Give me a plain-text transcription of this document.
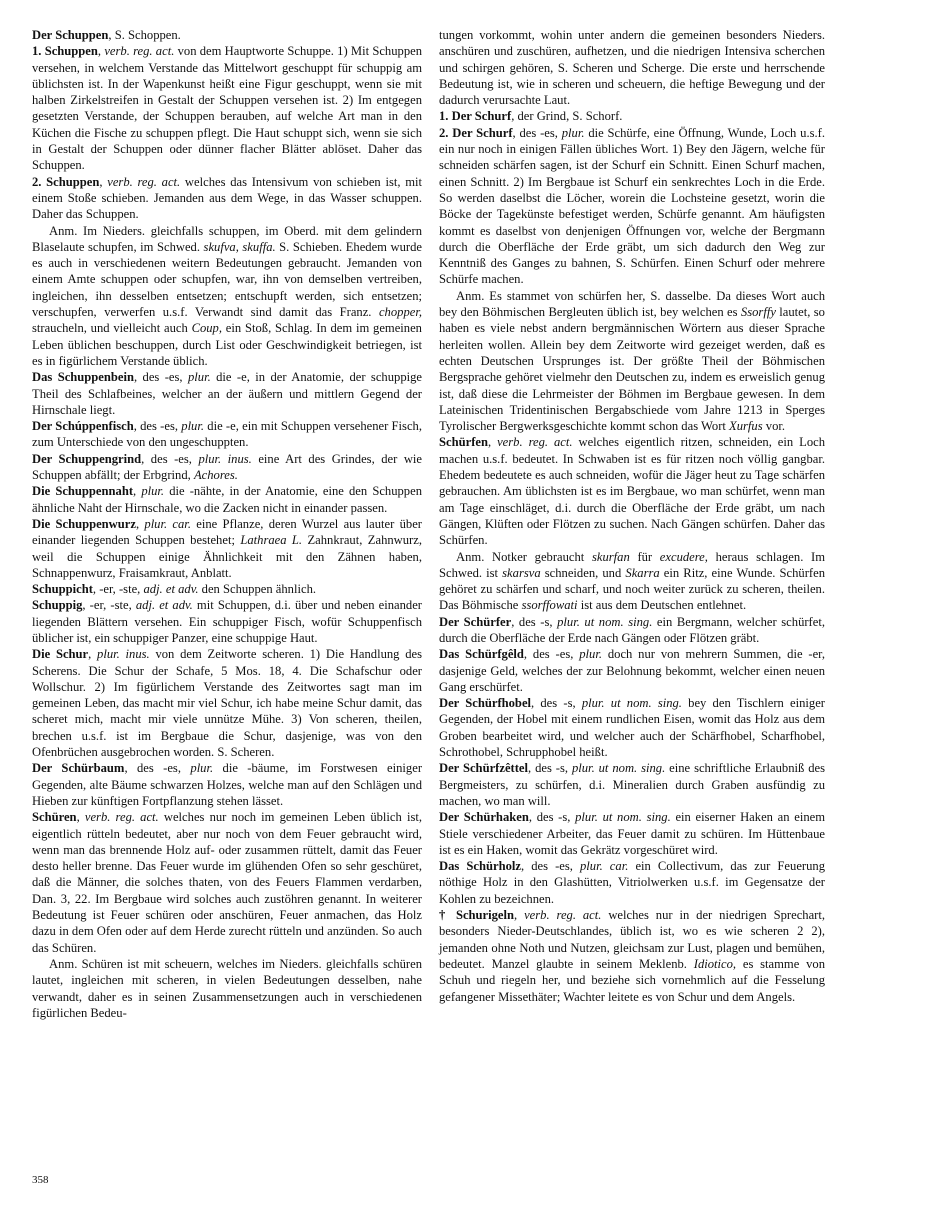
Der Schuppen, S. Schoppen.

1. Schuppen, verb. reg. act. von dem Hauptworte Schuppe. 1) Mit Schuppen versehen, in welchem Verstande das Mittelwort geschuppt für schuppig am üblichsten ist. In der Wapenkunst heißt eine Figur geschuppt, wenn sie mit halben Zirkelstreifen in Gestalt der Schuppen versehen ist. 2) Im entgegen gesetzten Verstande, der Schuppen berauben, auf welche Art man in den Küchen die Fische zu schuppen pflegt. Die Haut schuppt sich, wenn sie sich in Gestalt der Schuppen oder dünner flacher Blätter ablöset. Daher das Schuppen.

2. Schuppen, verb. reg. act. welches das Intensivum von schieben ist, mit einem Stoße schieben. Jemanden aus dem Wege, in das Wasser schuppen. Daher das Schuppen.

Anm. Im Nieders. gleichfalls schuppen, im Oberd. mit dem gelindern Blaselaute schupfen, im Schwed. skufva, skuffa. S. Schieben. Ehedem wurde es auch in verschiedenen weitern Bedeutungen gebraucht. Jemanden von einem Amte schuppen oder schupfen, war, ihn von demselben vertreiben, ingleichen, ihn desselben entsetzen; entschupft werden, sich entsetzen; verschupfen, verwerfen u.s.f. Verwandt sind damit das Franz. chopper, straucheln, und vielleicht auch Coup, ein Stoß, Schlag. In dem im gemeinen Leben üblichen beschuppen, durch List oder Geschwindigkeit betriegen, ist es in figürlichem Verstande üblich.

Das Schuppenbein, des -es, plur. die -e, in der Anatomie, der schuppige Theil des Schlafbeines, welcher an der äußern und mittlern Gegend der Hirnschale liegt.

Der Schúppenfisch, des -es, plur. die -e, ein mit Schuppen versehener Fisch, zum Unterschiede von den ungeschuppten.

Der Schuppengrind, des -es, plur. inus. eine Art des Grindes, der wie Schuppen abfällt; der Erbgrind, Achores.

Die Schuppennaht, plur. die -nähte, in der Anatomie, eine den Schuppen ähnliche Naht der Hirnschale, wo die Zacken nicht in einander passen.

Die Schuppenwurz, plur. car. eine Pflanze, deren Wurzel aus lauter über einander liegenden Schuppen bestehet; Lathraea L. Zahnkraut, Zahnwurz, weil die Schuppen einige Ähnlichkeit mit den Zähnen haben, Schnappenwurz, Fraisamkraut, Anblatt.

Schuppicht, -er, -ste, adj. et adv. den Schuppen ähnlich.

Schuppig, -er, -ste, adj. et adv. mit Schuppen, d.i. über und neben einander liegenden Blättern versehen. Ein schuppiger Fisch, wofür Schuppenfisch üblicher ist, ein schuppiger Panzer, eine schuppige Haut.

Die Schur, plur. inus. von dem Zeitworte scheren. 1) Die Handlung des Scherens. Die Schur der Schafe, 5 Mos. 18, 4. Die Schafschur oder Wollschur. 2) Im figürlichem Verstande des Zeitwortes sagt man im gemeinen Leben, das macht mir viel Schur, ich habe meine Schur damit, das scheret mich, macht mir viele unnütze Mühe. 3) Von scheren, theilen, brechen u.s.f. ist im Bergbaue die Schur, dasjenige, was von den Ofenbrüchen ausgebrochen worden. S. Scheren.

Der Schürbaum, des -es, plur. die -bäume, im Forstwesen einiger Gegenden, alte Bäume schwarzen Holzes, welche man auf den Schlägen und Hieben zur künftigen Fortpflanzung stehen lässet.

Schüren, verb. reg. act. welches nur noch im gemeinen Leben üblich ist, eigentlich rütteln bedeutet, aber nur noch von dem Feuer gebraucht wird, wenn man das brennende Holz auf- oder zusammen rüttelt, damit das Feuer desto heller brenne. Das Feuer wurde im glühenden Ofen so sehr geschüret, daß die Männer, die solches thaten, von des Feuers Flammen verdarben, Dan. 3, 22. Im Bergbaue wird solches auch zustöhren genannt. In weiterer Bedeutung ist Feuer schüren oder anschüren, Feuer anmachen, das Holz dazu in dem Ofen oder auf dem Herde zurecht rütteln und anzünden. So auch das Schüren.

Anm. Schüren ist mit scheuern, welches im Nieders. gleichfalls schüren lautet, ingleichen mit scheren, in vielen Bedeutungen desselben, nahe verwandt, daher es in seinen Zusammensetzungen auch in verschiedenen figürlichen Bedeu-

tungen vorkommt, wohin unter andern die gemeinen besonders Nieders. anschüren und zuschüren, aufhetzen, und die niedrigen Intensiva scherchen und schirgen gehören, S. Scheren und Scherge. Die erste und herrschende Bedeutung ist, wie in scheren und scheuern, die heftige Bewegung und der dadurch verursachte Laut.

1. Der Schurf, der Grind, S. Schorf.

2. Der Schurf, des -es, plur. die Schürfe, eine Öffnung, Wunde, Loch u.s.f. ein nur noch in einigen Fällen übliches Wort. 1) Bey den Jägern, welche für schneiden schärfen sagen, ist der Schurf ein Schnitt. Einen Schurf machen, einen Schnitt. 2) Im Bergbaue ist Schurf ein senkrechtes Loch in die Erde. So werden daselbst die Löcher, worein die Lochsteine gesetzt, worin die Böcke der Tagekünste befestiget werden, Schürfe genannt. Am häufigsten kommt es daselbst von denjenigen Öffnungen vor, welche der Bergmann durch die Oberfläche der Erde gräbt, um sich dadurch den Weg zur Kenntniß des Ganges zu bahnen, S. Schürfen. Einen Schurf oder mehrere Schürfe machen.

Anm. Es stammet von schürfen her, S. dasselbe. Da dieses Wort auch bey den Böhmischen Bergleuten üblich ist, bey welchen es Ssorffy lautet, so haben es viele nebst andern bergmännischen Wörtern aus dieser Sprache herleiten wollen. Allein bey dem Zeitworte wird gezeiget werden, daß es echten Deutschen Ursprunges ist. Der größte Theil der Böhmischen Bergsprache gehöret vielmehr den Deutschen zu, indem es erweislich genug ist, daß diese die Lehrmeister der Böhmen im Bergbaue gewesen. In dem Lateinischen Tridentinischen Bergabschiede vom Jahre 1213 in Sperges Tyrolischer Bergwerksgeschichte kommt schon das Wort Xurfus vor.

Schürfen, verb. reg. act. welches eigentlich ritzen, schneiden, ein Loch machen u.s.f. bedeutet. In Schwaben ist es für ritzen noch völlig gangbar. Ehedem bedeutete es auch schneiden, wofür die Jäger heut zu Tage schärfen gebrauchen. Am üblichsten ist es im Bergbaue, wo man schürfet, wenn man am Tage einschläget, d.i. durch die Oberfläche der Erde gräbt, um nach Gängen, Klüften oder Flötzen zu suchen. Nach Gängen schürfen. Daher das Schürfen.

Anm. Notker gebraucht skurfan für excudere, heraus schlagen. Im Schwed. ist skarsva schneiden, und Skarra ein Ritz, eine Wunde. Schürfen gehöret zu schärfen und scharf, und noch weiter zurück zu scheren, theilen. Das Böhmische ssorffowati ist aus dem Deutschen entlehnet.

Der Schürfer, des -s, plur. ut nom. sing. ein Bergmann, welcher schürfet, durch die Oberfläche der Erde nach Gängen oder Flötzen gräbt.

Das Schürfgêld, des -es, plur. doch nur von mehrern Summen, die -er, dasjenige Geld, welches der zur Belohnung bekommt, welcher einen neuen Gang erschürfet.

Der Schürfhobel, des -s, plur. ut nom. sing. bey den Tischlern einiger Gegenden, der Hobel mit einem rundlichen Eisen, womit das Holz aus dem Groben bearbeitet wird, und welcher auch der Schärfhobel, Scharfhobel, Schrothobel, Schrupphobel heißt.

Der Schürfzêttel, des -s, plur. ut nom. sing. eine schriftliche Erlaubniß des Bergmeisters, zu schürfen, d.i. Mineralien durch Graben ausfündig zu machen, wo man will.

Der Schürhaken, des -s, plur. ut nom. sing. ein eiserner Haken an einem Stiele verschiedener Arbeiter, das Feuer damit zu schüren. Im Hüttenbaue ist es ein Haken, womit das Gekrätz vorgeschüret wird.

Das Schürholz, des -es, plur. car. ein Collectivum, das zur Feuerung nöthige Holz in den Glashütten, Vitriolwerken u.s.f. im Gegensatze der Kohlen zu bezeichnen.

† Schurigeln, verb. reg. act. welches nur in der niedrigen Sprechart, besonders Nieder-Deutschlandes, üblich ist, wo es wie scheren 2 2), jemanden ohne Noth und Nutzen, gleichsam zur Lust, plagen und bemühen, bedeutet. Manzel glaubte in seinem Meklenb. Idiotico, es stamme von Schuh und riegeln her, und beziehe sich vornehmlich auf die Fesselung gefangener Missethäter; Wachter leitete es von Schur und dem Angels.

358
